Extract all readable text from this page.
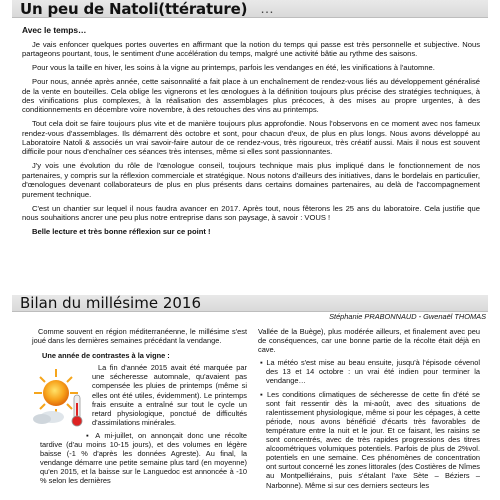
Un peu de Natoli(ttérature) …

Avec le temps…

Je vais enfoncer quelques portes ouvertes en affirmant que la notion du temps qui passe est très personnelle et subjective. Nous partageons pourtant, tous, le sentiment d'une accélération du temps, malgré une activité bâtie au rythme des saisons.

Pour vous la taille en hiver, les soins à la vigne au printemps, parfois les vendanges en été, les vinifications à l'automne.

Pour nous, année après année, cette saisonnalité a fait place à un enchaînement de rendez-vous liés au développement généralisé de la vente en bouteilles. Cela oblige les vignerons et les œnologues à la définition toujours plus précise des stratégies techniques, à des vinifications plus complexes, à la réalisation des assemblages plus précoces, à des mises au propre urgentes, à des conditionnements en décembre voire novembre, à des retouches des vins au printemps.

Tout cela doit se faire toujours plus vite et de manière toujours plus approfondie. Nous l'observons en ce moment avec nos fameux rendez-vous d'assemblages. Ils démarrent dès octobre et sont, pour chacun d'eux, de plus en plus longs. Nous avons développé au Laboratoire Natoli & associés un vrai savoir-faire autour de ce rendez-vous, très rigoureux, très créatif aussi. Mais il nous est souvent difficile pour nous d'enchaîner ces séances très intenses, même si elles sont passionnantes.

J'y vois une évolution du rôle de l'œnologue conseil, toujours technique mais plus impliqué dans le fonctionnement de nos partenaires, y compris sur la réflexion commerciale et stratégique. Nous notons d'ailleurs des initiatives, dans le bordelais en particulier, d'œnologues devenant collaborateurs de plus en plus présents dans certains domaines partenaires, au delà de l'accompagnement purement technique.

C'est un chantier sur lequel il nous faudra avancer en 2017. Après tout, nous fêterons les 25 ans du laboratoire. Cela justifie que nous souhaitions ancrer une peu plus notre entreprise dans son paysage, à savoir : VOUS !

Belle lecture et très bonne réflexion sur ce point !

Bilan du millésime 2016
Stéphanie PRABONNAUD - Gwenaël THOMAS

Comme souvent en région méditerranéenne, le millésime s'est joué dans les dernières semaines précédant la vendange.

Une année de contrastes à la vigne :

La fin d'année 2015 avait été marquée par une sécheresse automnale, qu'avaient pas compensée les pluies de printemps (même si elles ont été utiles, évidemment). Le printemps frais ensuite a entraîné sur tout le cycle un retard physiologique, ponctué de difficultés d'assimilations minérales.

▪ A mi-juillet, on annonçait donc une récolte tardive (d'au moins 10-15 jours), et des volumes en légère baisse (-1 % d'après les données Agreste). Au final, la vendange démarre une petite semaine plus tard (en moyenne) qu'en 2015, et la baisse sur le Languedoc est annoncée à -10 % selon les dernières

Vallée de la Buège), plus modérée ailleurs, et finalement avec peu de conséquences, car une bonne partie de la récolte était déjà en cave.

▪ La météo s'est mise au beau ensuite, jusqu'à l'épisode cévenol des 13 et 14 octobre : un vrai été indien pour terminer la vendange…

▪ Les conditions climatiques de sécheresse de cette fin d'été se sont fait ressentir dès la mi-août, avec des situations de ralentissement physiologique, même si pour les cépages, à cette période, nous avons bénéficié d'écarts très favorables de température entre la nuit et le jour. Et ce faisant, les raisins se sont concentrés, avec de très rapides progressions des titres alcoométriques volumiques potentiels. Parfois de plus de 2%vol. potentiels en une semaine. Ces phénomènes de concentration ont surtout concerné les zones littorales (des Costières de Nîmes au Montpelliérains, puis s'étalant l'axe Sète – Béziers – Narbonne). Même si sur ces derniers secteurs les
